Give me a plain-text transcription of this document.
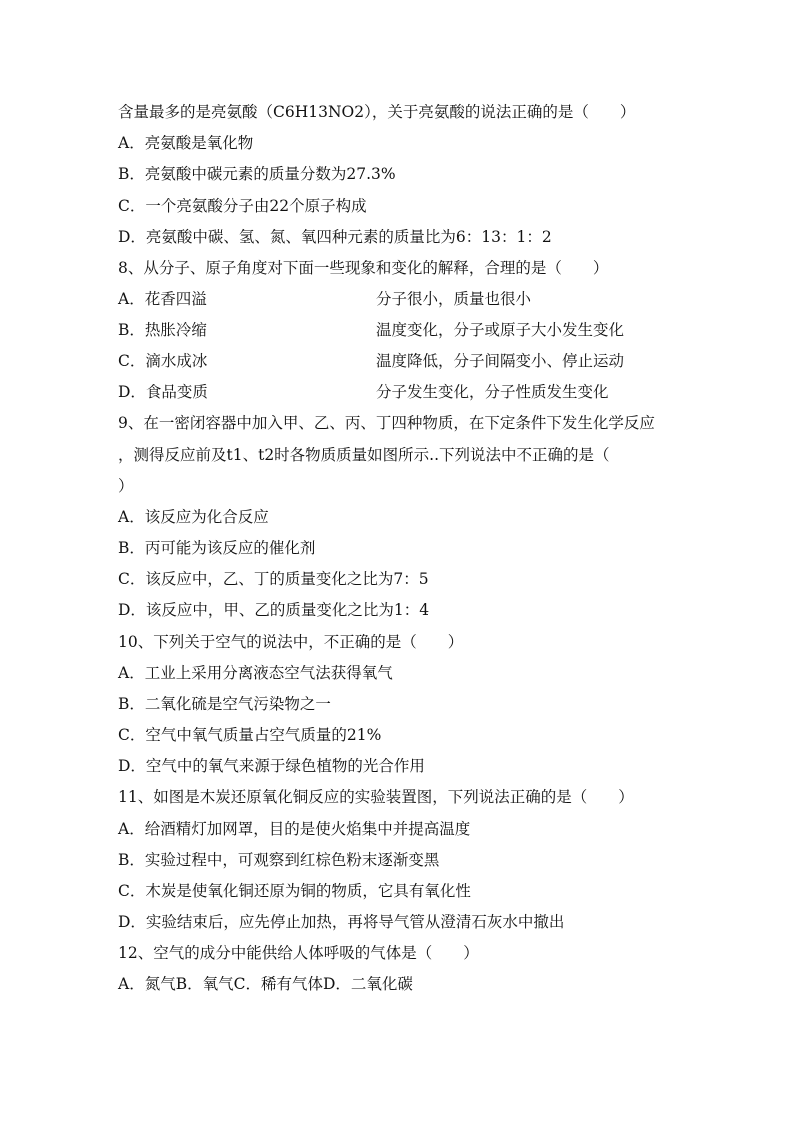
含量最多的是亮氨酸（C6H13NO2），关于亮氨酸的说法正确的是（　　）
A．亮氨酸是氧化物
B．亮氨酸中碳元素的质量分数为27.3%
C．一个亮氨酸分子由22个原子构成
D．亮氨酸中碳、氢、氮、氧四种元素的质量比为6：13：1：2
8、从分子、原子角度对下面一些现象和变化的解释，合理的是（　　）
A．花香四溢	分子很小，质量也很小
B．热胀冷缩	温度变化，分子或原子大小发生变化
C．滴水成冰	温度降低，分子间隔变小、停止运动
D．食品变质	分子发生变化，分子性质发生变化
9、在一密闭容器中加入甲、乙、丙、丁四种物质，在下定条件下发生化学反应
，测得反应前及t1、t2时各物质质量如图所示..下列说法中不正确的是（
）
A．该反应为化合反应
B．丙可能为该反应的催化剂
C．该反应中，乙、丁的质量变化之比为7：5
D．该反应中，甲、乙的质量变化之比为1：4
10、下列关于空气的说法中，不正确的是（　　）
A．工业上采用分离液态空气法获得氧气
B．二氧化硫是空气污染物之一
C．空气中氧气质量占空气质量的21%
D．空气中的氧气来源于绿色植物的光合作用
11、如图是木炭还原氧化铜反应的实验装置图，下列说法正确的是（　　）
A．给酒精灯加网罩，目的是使火焰集中并提高温度
B．实验过程中，可观察到红棕色粉末逐渐变黑
C．木炭是使氧化铜还原为铜的物质，它具有氧化性
D．实验结束后，应先停止加热，再将导气管从澄清石灰水中撤出
12、空气的成分中能供给人体呼吸的气体是（　　）
A．氮气B．氧气C．稀有气体D．二氧化碳
